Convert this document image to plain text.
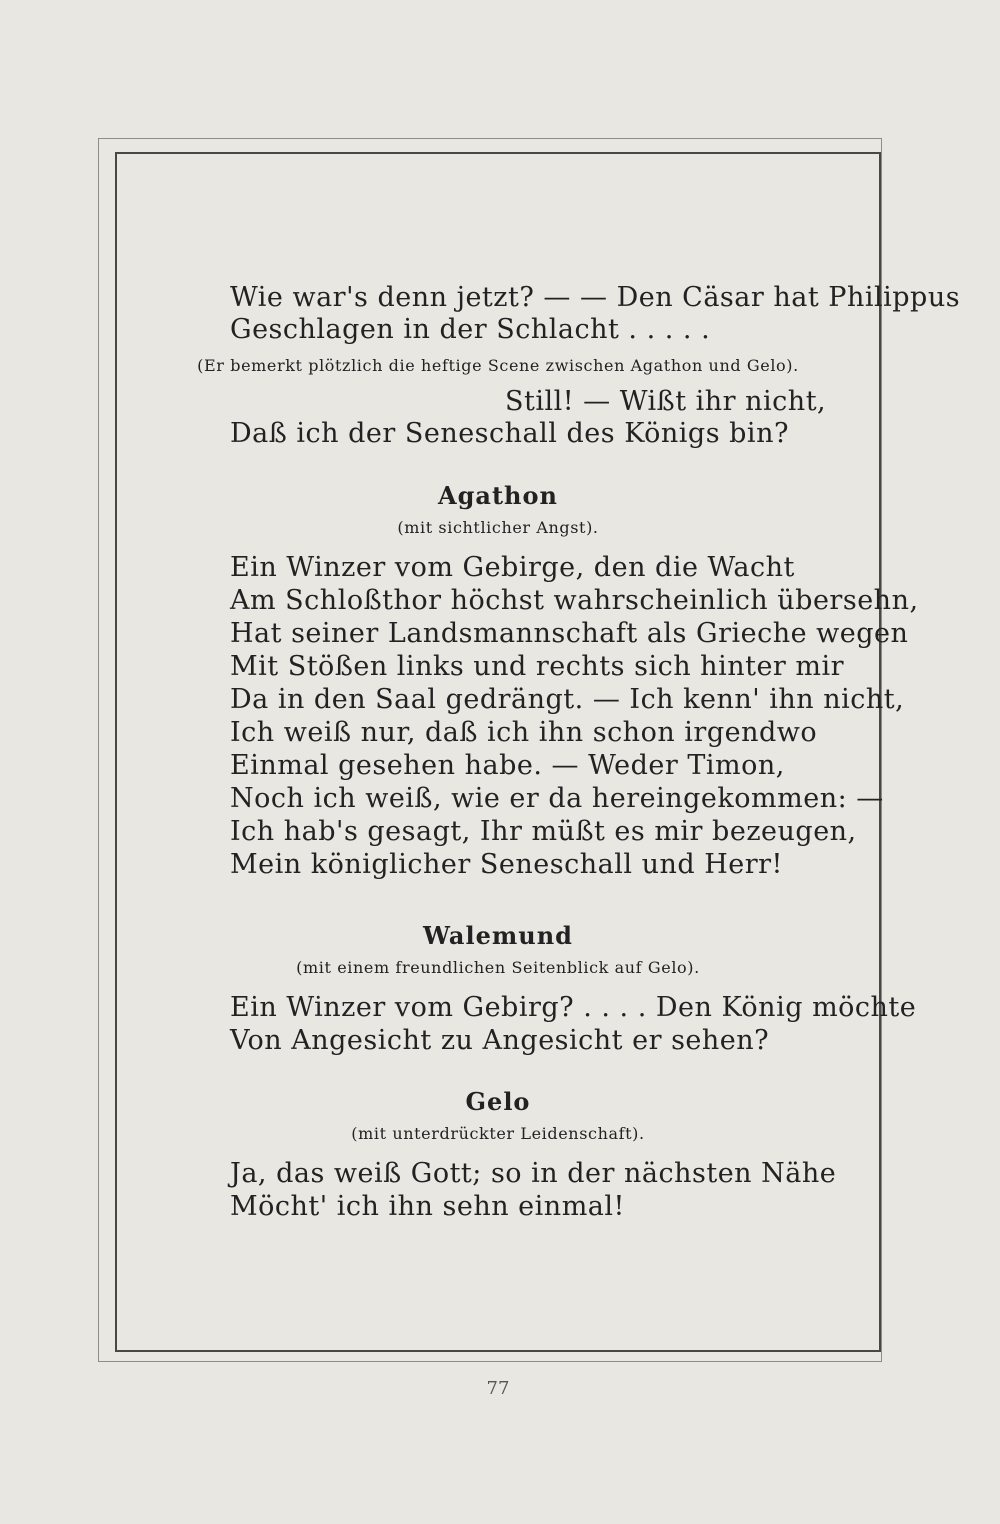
Wie war's denn jetzt? — — Den Cäsar hat Philippus
Geschlagen in der Schlacht . . . . .
(Er bemerkt plötzlich die heftige Scene zwischen Agathon und Gelo).
Still! — Wißt ihr nicht,
Daß ich der Seneschall des Königs bin?
Agathon
(mit sichtlicher Angst).
Ein Winzer vom Gebirge, den die Wacht
Am Schloßthor höchst wahrscheinlich übersehn,
Hat seiner Landsmannschaft als Grieche wegen
Mit Stößen links und rechts sich hinter mir
Da in den Saal gedrängt. — Ich kenn' ihn nicht,
Ich weiß nur, daß ich ihn schon irgendwo
Einmal gesehen habe. — Weder Timon,
Noch ich weiß, wie er da hereingekommen: —
Ich hab's gesagt, Ihr müßt es mir bezeugen,
Mein königlicher Seneschall und Herr!
Walemund
(mit einem freundlichen Seitenblick auf Gelo).
Ein Winzer vom Gebirg? . . . . Den König möchte
Von Angesicht zu Angesicht er sehen?
Gelo
(mit unterdrückter Leidenschaft).
Ja, das weiß Gott; so in der nächsten Nähe
Möcht' ich ihn sehn einmal!
77
